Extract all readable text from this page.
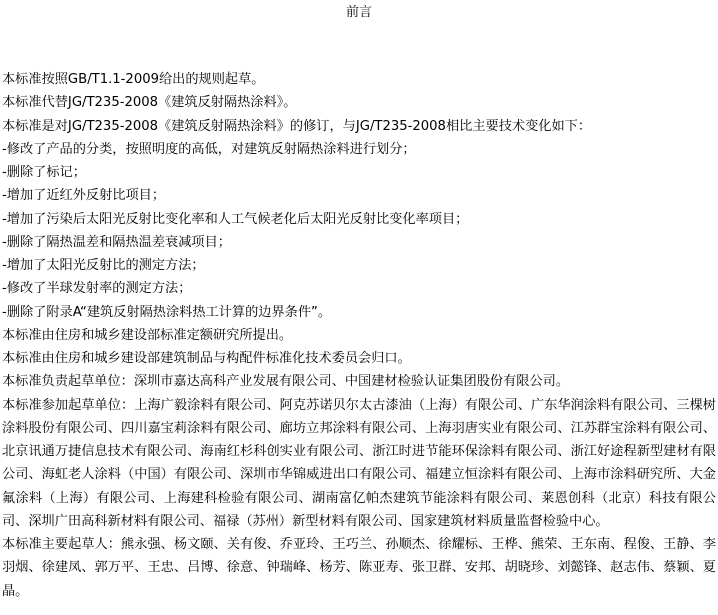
前言

本标准按照GB/T1.1-2009给出的规则起草。

本标准代替JG/T235-2008《建筑反射隔热涂料》。

本标准是对JG/T235-2008《建筑反射隔热涂料》的修订，与JG/T235-2008相比主要技术变化如下：

-修改了产品的分类，按照明度的高低，对建筑反射隔热涂料进行划分；

-删除了标记；

-增加了近红外反射比项目；

-增加了污染后太阳光反射比变化率和人工气候老化后太阳光反射比变化率项目；

-删除了隔热温差和隔热温差衰减项目；

-增加了太阳光反射比的测定方法；

-修改了半球发射率的测定方法；

-删除了附录A“建筑反射隔热涂料热工计算的边界条件”。

本标准由住房和城乡建设部标准定额研究所提出。

本标准由住房和城乡建设部建筑制品与构配件标准化技术委员会归口。

本标准负责起草单位：深圳市嘉达高科产业发展有限公司、中国建材检验认证集团股份有限公司。

本标准参加起草单位：上海广毅涂料有限公司、阿克苏诺贝尔太古漆油（上海）有限公司、广东华润涂料有限公司、三棵树涂料股份有限公司、四川嘉宝莉涂料有限公司、廊坊立邦涂料有限公司、上海羽唐实业有限公司、江苏群宝涂料有限公司、北京讯通万捷信息技术有限公司、海南红杉科创实业有限公司、浙江时进节能环保涂料有限公司、浙江好途程新型建材有限公司、海虹老人涂料（中国）有限公司、深圳市华锦威进出口有限公司、福建立恒涂料有限公司、上海市涂料研究所、大金氟涂料（上海）有限公司、上海建科检验有限公司、湖南富亿帕杰建筑节能涂料有限公司、莱恩创科（北京）科技有限公司、深圳广田高科新材料有限公司、福禄（苏州）新型材料有限公司、国家建筑材料质量监督检验中心。

本标准主要起草人：熊永强、杨文颐、关有俊、乔亚玲、王巧兰、孙顺杰、徐耀标、王桦、熊荣、王东南、程俊、王静、李羽烟、徐建凤、郭万平、王忠、吕博、徐意、钟瑞峰、杨芳、陈亚寿、张卫群、安邦、胡晓珍、刘懿锋、赵志伟、蔡颖、夏晶。
